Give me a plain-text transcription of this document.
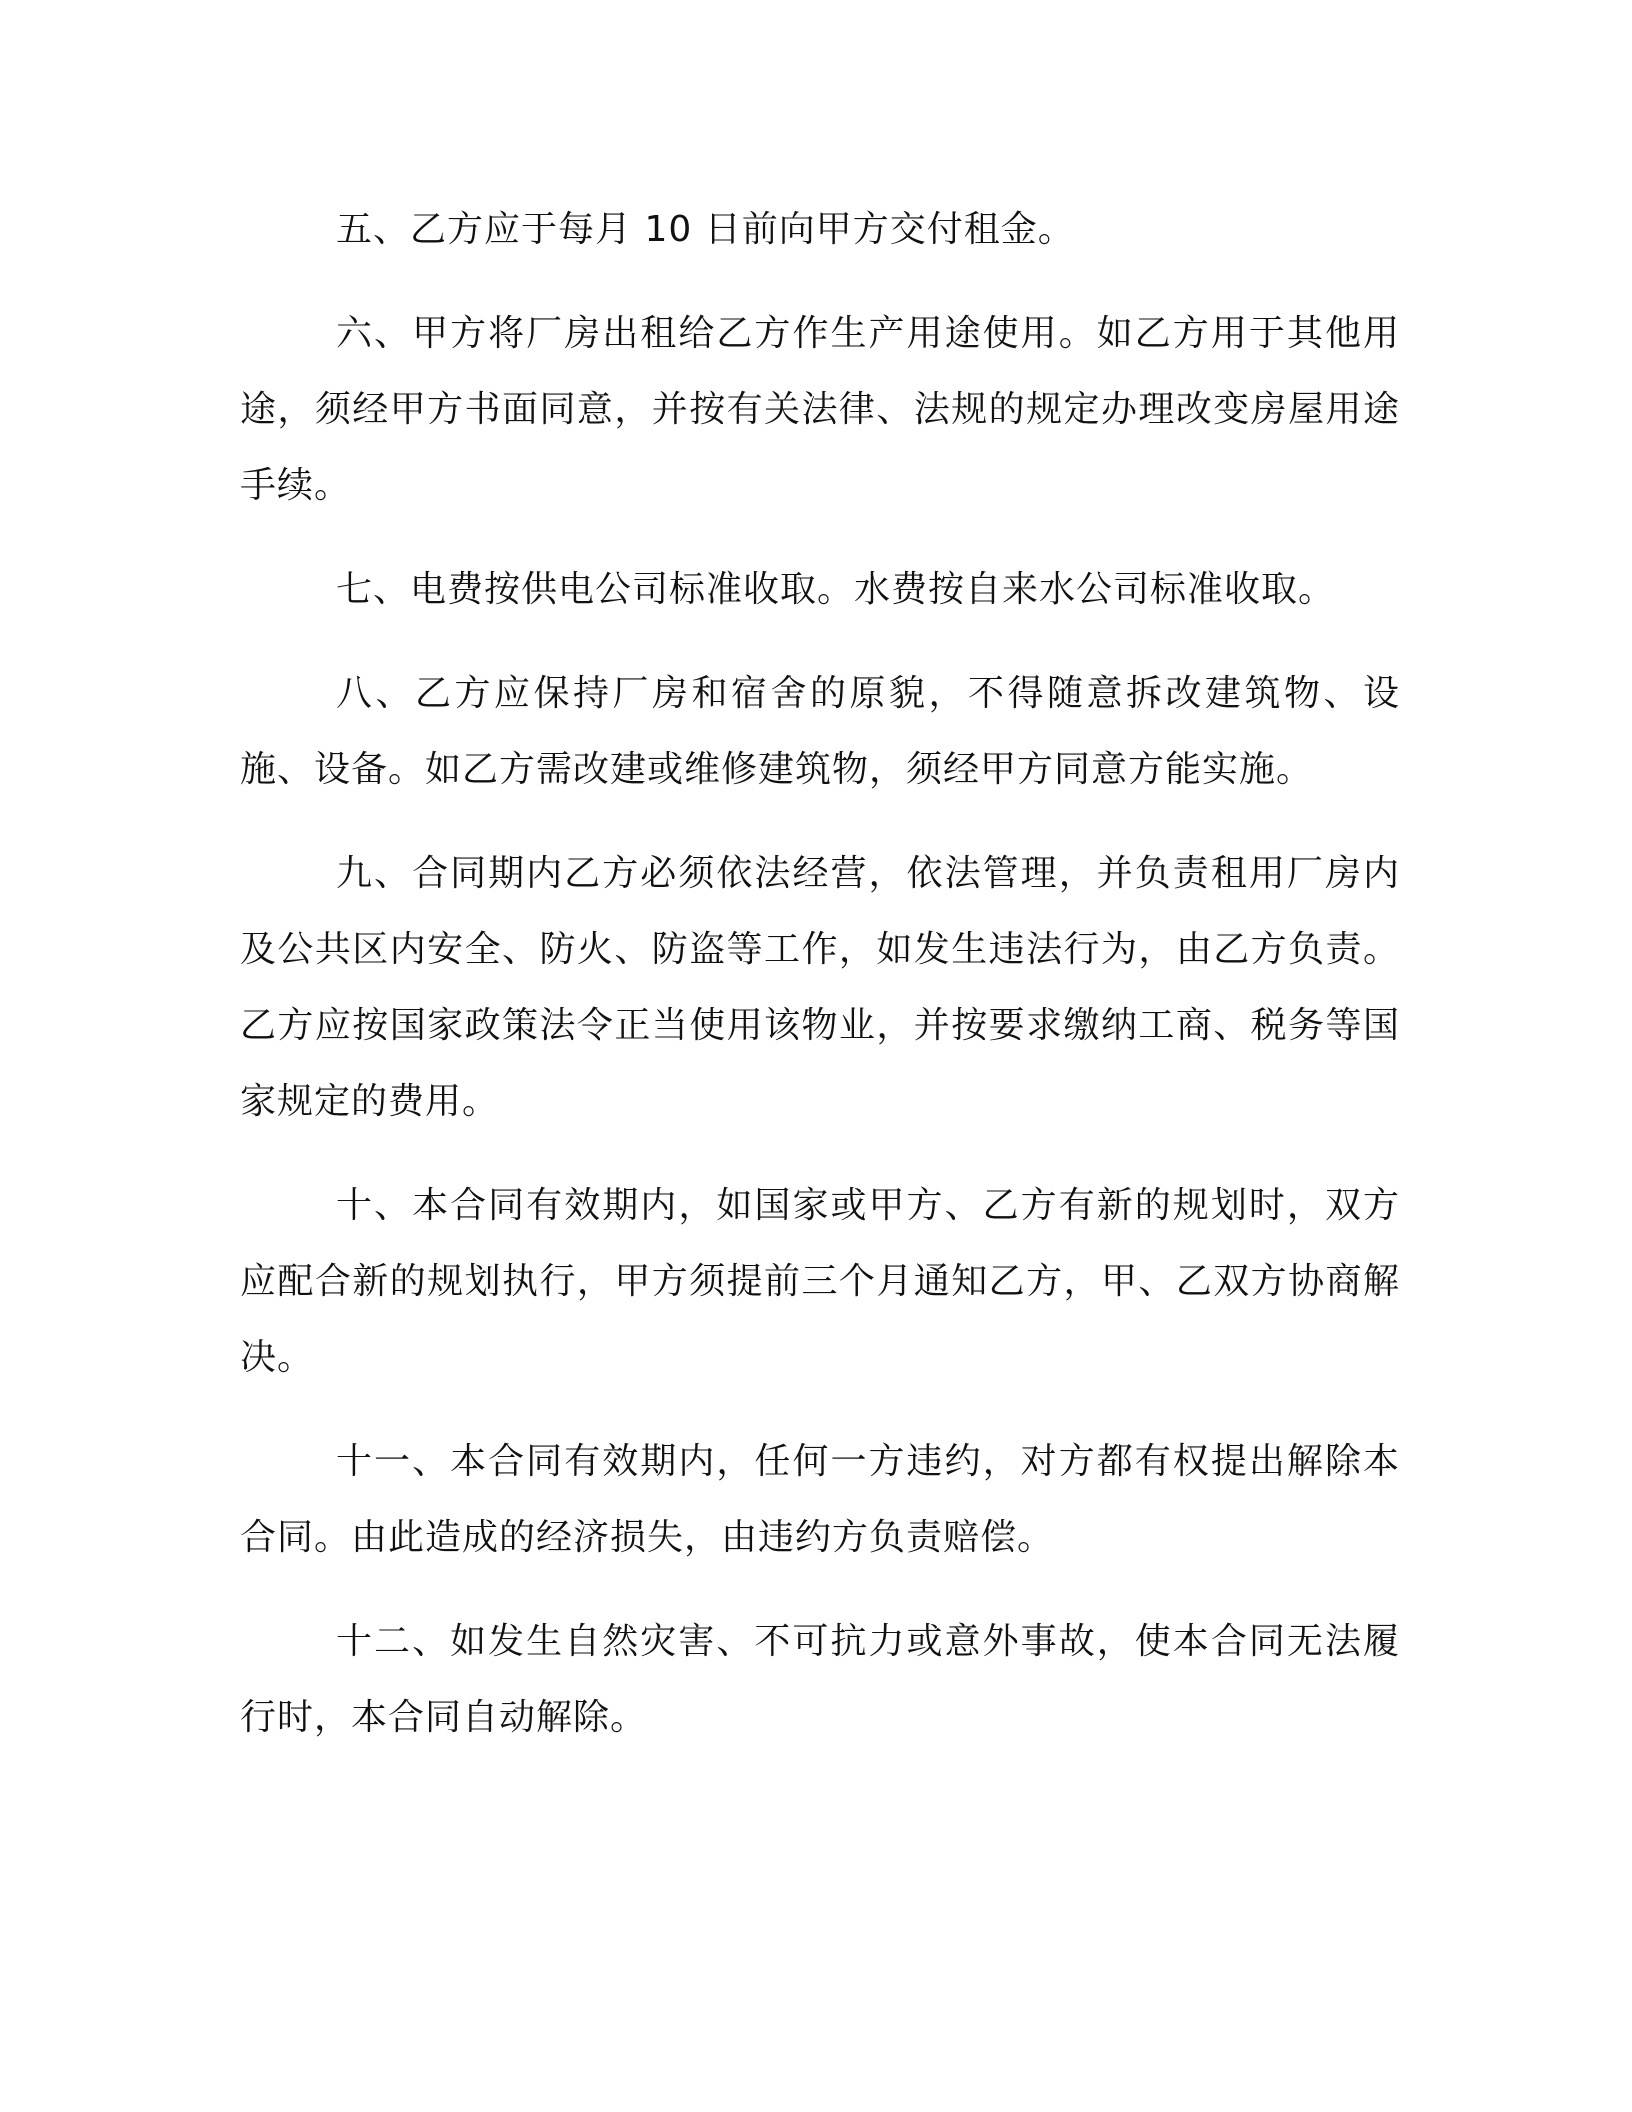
五、乙方应于每月 10 日前向甲方交付租金。

六、甲方将厂房出租给乙方作生产用途使用。如乙方用于其他用途，须经甲方书面同意，并按有关法律、法规的规定办理改变房屋用途手续。

七、电费按供电公司标准收取。水费按自来水公司标准收取。

八、乙方应保持厂房和宿舍的原貌，不得随意拆改建筑物、设施、设备。如乙方需改建或维修建筑物，须经甲方同意方能实施。

九、合同期内乙方必须依法经营，依法管理，并负责租用厂房内及公共区内安全、防火、防盗等工作，如发生违法行为，由乙方负责。乙方应按国家政策法令正当使用该物业，并按要求缴纳工商、税务等国家规定的费用。

十、本合同有效期内，如国家或甲方、乙方有新的规划时，双方应配合新的规划执行，甲方须提前三个月通知乙方，甲、乙双方协商解决。

十一、本合同有效期内，任何一方违约，对方都有权提出解除本合同。由此造成的经济损失，由违约方负责赔偿。

十二、如发生自然灾害、不可抗力或意外事故，使本合同无法履行时，本合同自动解除。
